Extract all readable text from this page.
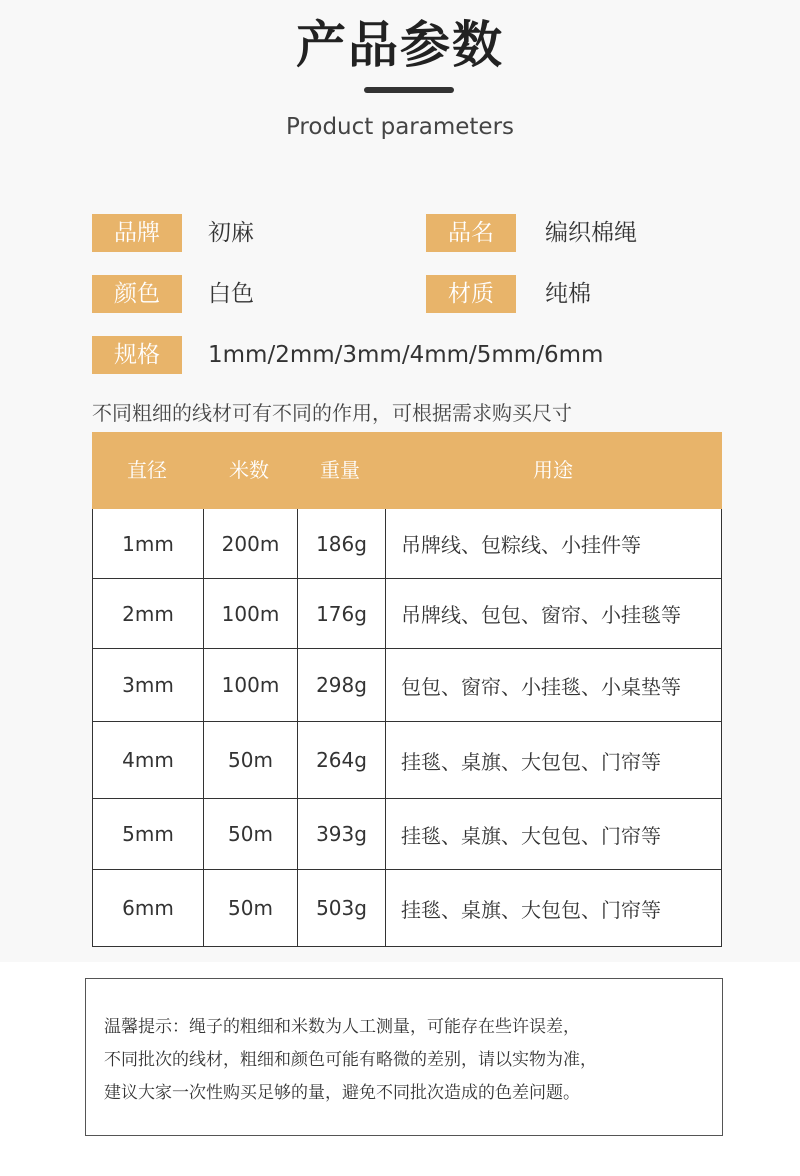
产品参数
Product parameters
品牌	初麻	品名	编织棉绳
颜色	白色	材质	纯棉
规格	1mm/2mm/3mm/4mm/5mm/6mm
不同粗细的线材可有不同的作用，可根据需求购买尺寸
直径	米数	重量	用途
1mm	200m	186g	吊牌线、包粽线、小挂件等
2mm	100m	176g	吊牌线、包包、窗帘、小挂毯等
3mm	100m	298g	包包、窗帘、小挂毯、小桌垫等
4mm	50m	264g	挂毯、桌旗、大包包、门帘等
5mm	50m	393g	挂毯、桌旗、大包包、门帘等
6mm	50m	503g	挂毯、桌旗、大包包、门帘等
温馨提示：绳子的粗细和米数为人工测量，可能存在些许误差，
不同批次的线材，粗细和颜色可能有略微的差别，请以实物为准，
建议大家一次性购买足够的量，避免不同批次造成的色差问题。
